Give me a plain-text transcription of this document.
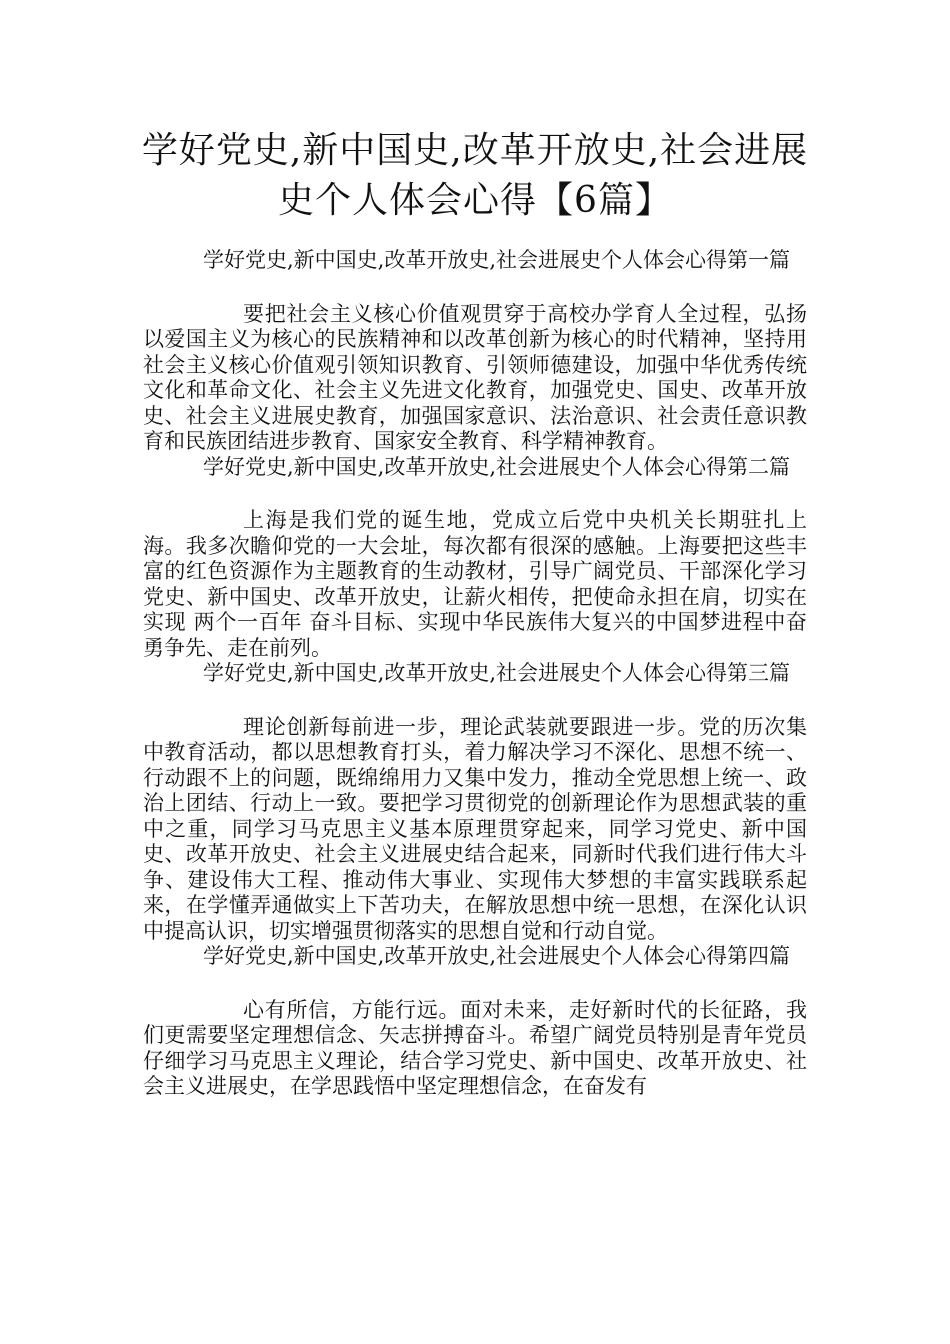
学好党史,新中国史,改革开放史,社会进展史个人体会心得【6篇】
学好党史,新中国史,改革开放史,社会进展史个人体会心得第一篇

要把社会主义核心价值观贯穿于高校办学育人全过程，弘扬以爱国主义为核心的民族精神和以改革创新为核心的时代精神，坚持用社会主义核心价值观引领知识教育、引领师德建设，加强中华优秀传统文化和革命文化、社会主义先进文化教育，加强党史、国史、改革开放史、社会主义进展史教育，加强国家意识、法治意识、社会责任意识教育和民族团结进步教育、国家安全教育、科学精神教育。

学好党史,新中国史,改革开放史,社会进展史个人体会心得第二篇

上海是我们党的诞生地，党成立后党中央机关长期驻扎上海。我多次瞻仰党的一大会址，每次都有很深的感触。上海要把这些丰富的红色资源作为主题教育的生动教材，引导广阔党员、干部深化学习党史、新中国史、改革开放史，让薪火相传，把使命永担在肩，切实在实现 两个一百年 奋斗目标、实现中华民族伟大复兴的中国梦进程中奋勇争先、走在前列。

学好党史,新中国史,改革开放史,社会进展史个人体会心得第三篇

理论创新每前进一步，理论武装就要跟进一步。党的历次集中教育活动，都以思想教育打头，着力解决学习不深化、思想不统一、行动跟不上的问题，既绵绵用力又集中发力，推动全党思想上统一、政治上团结、行动上一致。要把学习贯彻党的创新理论作为思想武装的重中之重，同学习马克思主义基本原理贯穿起来，同学习党史、新中国史、改革开放史、社会主义进展史结合起来，同新时代我们进行伟大斗争、建设伟大工程、推动伟大事业、实现伟大梦想的丰富实践联系起来，在学懂弄通做实上下苦功夫，在解放思想中统一思想，在深化认识中提高认识，切实增强贯彻落实的思想自觉和行动自觉。

学好党史,新中国史,改革开放史,社会进展史个人体会心得第四篇

心有所信，方能行远。面对未来，走好新时代的长征路，我们更需要坚定理想信念、矢志拼搏奋斗。希望广阔党员特别是青年党员仔细学习马克思主义理论，结合学习党史、新中国史、改革开放史、社会主义进展史，在学思践悟中坚定理想信念，在奋发有
